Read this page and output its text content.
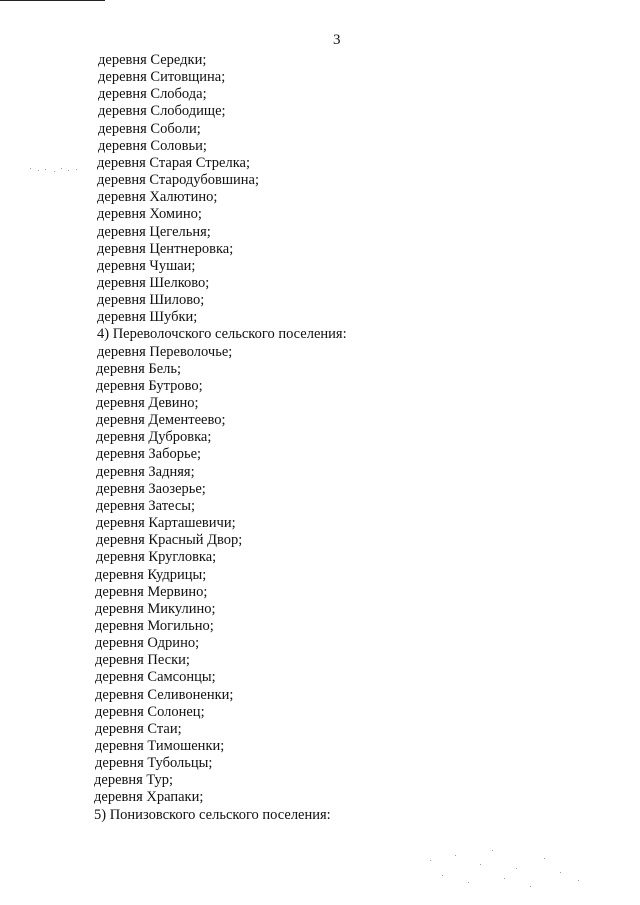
3
деревня Середки;
деревня Ситовщина;
деревня Слобода;
деревня Слободище;
деревня Соболи;
деревня Соловьи;
деревня Старая Стрелка;
деревня Стародубовшина;
деревня Халютино;
деревня Хомино;
деревня Цегельня;
деревня Центнеровка;
деревня Чушаи;
деревня Шелково;
деревня Шилово;
деревня Шубки;
4) Переволочского сельского поселения:
деревня Переволочье;
деревня Бель;
деревня Бутрово;
деревня Девино;
деревня Дементеево;
деревня Дубровка;
деревня Заборье;
деревня Задняя;
деревня Заозерье;
деревня Затесы;
деревня Карташевичи;
деревня Красный Двор;
деревня Кругловка;
деревня Кудрицы;
деревня Мервино;
деревня Микулино;
деревня Могильно;
деревня Одрино;
деревня Пески;
деревня Самсонцы;
деревня Селивоненки;
деревня Солонец;
деревня Стаи;
деревня Тимошенки;
деревня Тубольцы;
деревня Тур;
деревня Храпаки;
5) Понизовского сельского поселения:
